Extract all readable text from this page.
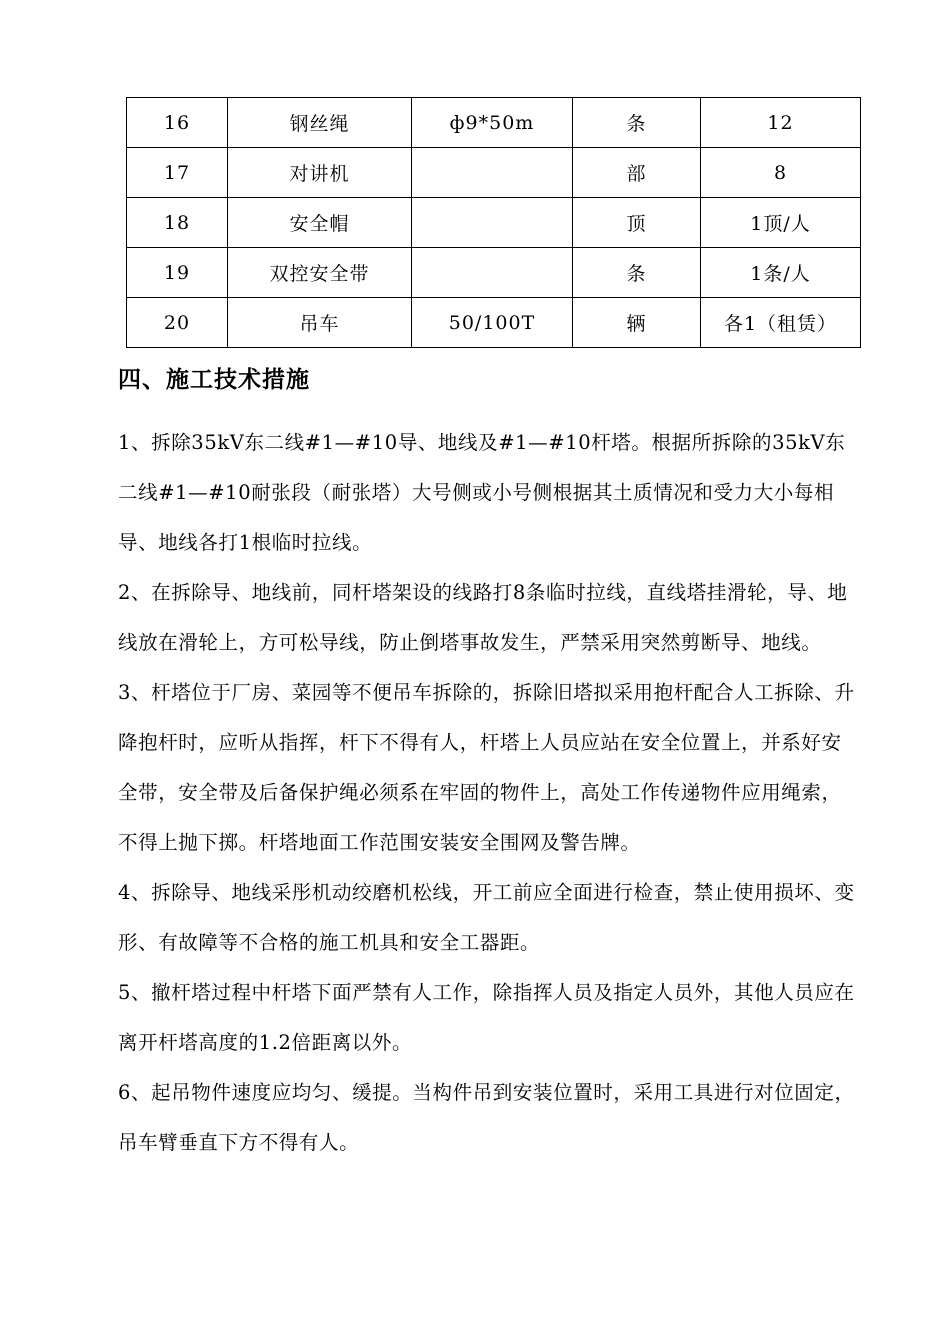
16	钢丝绳	ф9*50m	条	12
17	对讲机		部	8
18	安全帽		顶	1顶/人
19	双控安全带		条	1条/人
20	吊车	50/100T	辆	各1（租赁）
四、施工技术措施

1、拆除35kV东二线#1—#10导、地线及#1—#10杆塔。根据所拆除的35kV东二线#1—#10耐张段（耐张塔）大号侧或小号侧根据其土质情况和受力大小每相导、地线各打1根临时拉线。

2、在拆除导、地线前，同杆塔架设的线路打8条临时拉线，直线塔挂滑轮，导、地线放在滑轮上，方可松导线，防止倒塔事故发生，严禁采用突然剪断导、地线。

3、杆塔位于厂房、菜园等不便吊车拆除的，拆除旧塔拟采用抱杆配合人工拆除、升降抱杆时，应听从指挥，杆下不得有人，杆塔上人员应站在安全位置上，并系好安全带，安全带及后备保护绳必须系在牢固的物件上，高处工作传递物件应用绳索，不得上抛下掷。杆塔地面工作范围安装安全围网及警告牌。

4、拆除导、地线采彤机动绞磨机松线，开工前应全面进行检查，禁止使用损坏、变形、有故障等不合格的施工机具和安全工器距。

5、撤杆塔过程中杆塔下面严禁有人工作，除指挥人员及指定人员外，其他人员应在离开杆塔高度的1.2倍距离以外。

6、起吊物件速度应均匀、缓提。当构件吊到安装位置时，采用工具进行对位固定，吊车臂垂直下方不得有人。
